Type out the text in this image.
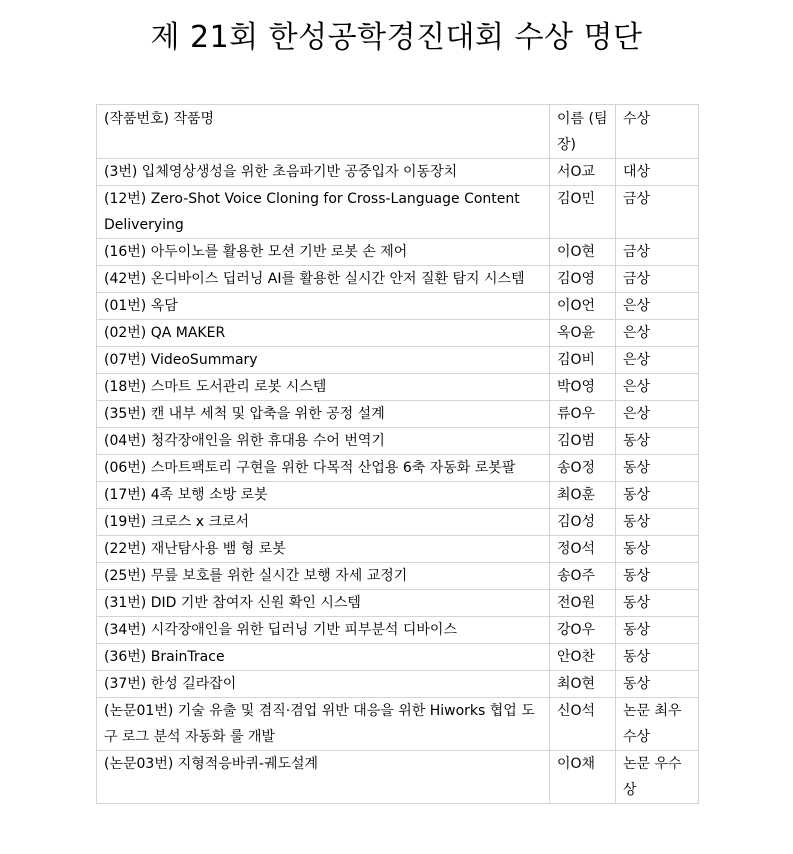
제 21회 한성공학경진대회 수상 명단
(작품번호) 작품명	이름 (팀장)	수상
(3번) 입체영상생성을 위한 초음파기반 공중입자 이동장치	서O교	대상
(12번) Zero-Shot Voice Cloning for Cross-Language Content Deliverying	김O민	금상
(16번) 아두이노를 활용한 모션 기반 로봇 손 제어	이O현	금상
(42번) 온디바이스 딥러닝 AI를 활용한 실시간 안저 질환 탐지 시스템	김O영	금상
(01번) 옥담	이O언	은상
(02번) QA MAKER	옥O윤	은상
(07번) VideoSummary	김O비	은상
(18번) 스마트 도서관리 로봇 시스템	박O영	은상
(35번) 캔 내부 세척 및 압축을 위한 공정 설계	류O우	은상
(04번) 청각장애인을 위한 휴대용 수어 번역기	김O범	동상
(06번) 스마트팩토리 구현을 위한 다목적 산업용 6축 자동화 로봇팔	송O정	동상
(17번) 4족 보행 소방 로봇	최O훈	동상
(19번) 크로스 x 크로서	김O성	동상
(22번) 재난탐사용 뱀 형 로봇	정O석	동상
(25번) 무릎 보호를 위한 실시간 보행 자세 교정기	송O주	동상
(31번) DID 기반 참여자 신원 확인 시스템	전O원	동상
(34번) 시각장애인을 위한 딥러닝 기반 피부분석 디바이스	강O우	동상
(36번) BrainTrace	안O찬	동상
(37번) 한성 길라잡이	최O현	동상
(논문01번) 기술 유출 및 겸직·겸업 위반 대응을 위한 Hiworks 협업 도구 로그 분석 자동화 룰 개발	신O석	논문 최우수상
(논문03번) 지형적응바퀴-궤도설계	이O채	논문 우수상
